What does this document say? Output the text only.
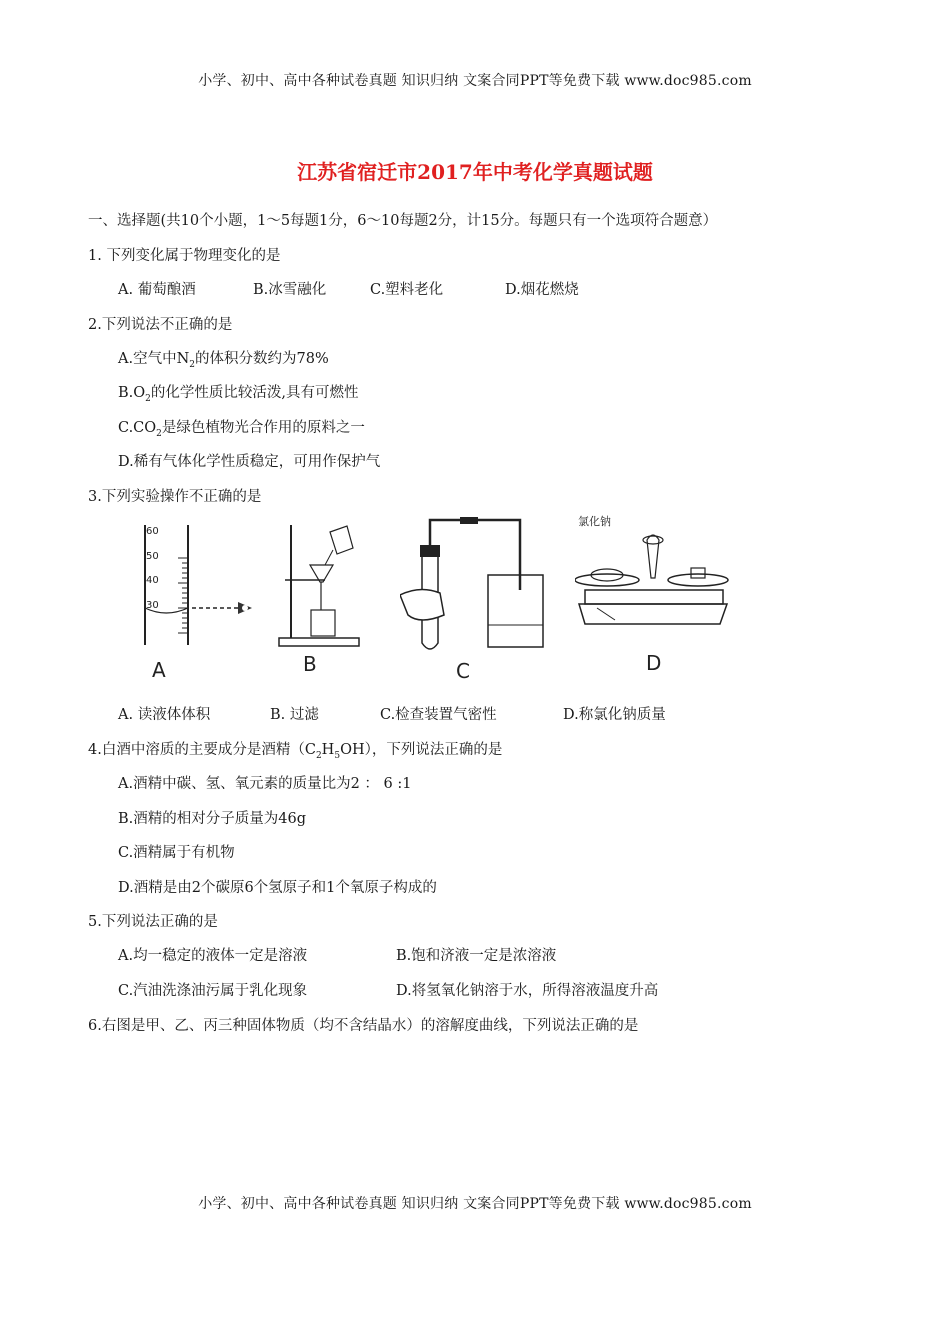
小学、初中、高中各种试卷真题 知识归纳 文案合同PPT等免费下载 www.doc985.com
江苏省宿迁市2017年中考化学真题试题
一、选择题(共10个小题，1～5每题1分，6～10每题2分，计15分。每题只有一个选项符合题意）
1. 下列变化属于物理变化的是
A. 葡萄酿酒	B.冰雪融化	C.塑料老化	D.烟花燃烧
2.下列说法不正确的是
A.空气中$N_2$的体积分数约为78%
$B.O_2$的化学性质比较活泼,具有可燃性
$C.CO_2$是绿色植物光合作用的原料之一
D.稀有气体化学性质稳定，可用作保护气
3.下列实验操作不正确的是
60
50
40
30
氯化钠
A	B	C	D
A. 读液体体积	B. 过滤	C.检查装置气密性	D.称氯化钠质量
4.白酒中溶质的主要成分是酒精$(C_2H_5OH)$，下列说法正确的是
A.酒精中碳、氢、氧元素的质量比为2 ： 6 :1
B.酒精的相对分子质量为46g
C.酒精属于有机物
D.酒精是由2个碳原6个氢原子和1个氧原子构成的
5.下列说法正确的是
A.均一稳定的液体一定是溶液	B.饱和济液一定是浓溶液
C.汽油洗涤油污属于乳化现象	D.将氢氧化钠溶于水，所得溶液温度升高
6.右图是甲、乙、丙三种固体物质（均不含结晶水）的溶解度曲线，下列说法正确的是
小学、初中、高中各种试卷真题 知识归纳 文案合同PPT等免费下载 www.doc985.com
